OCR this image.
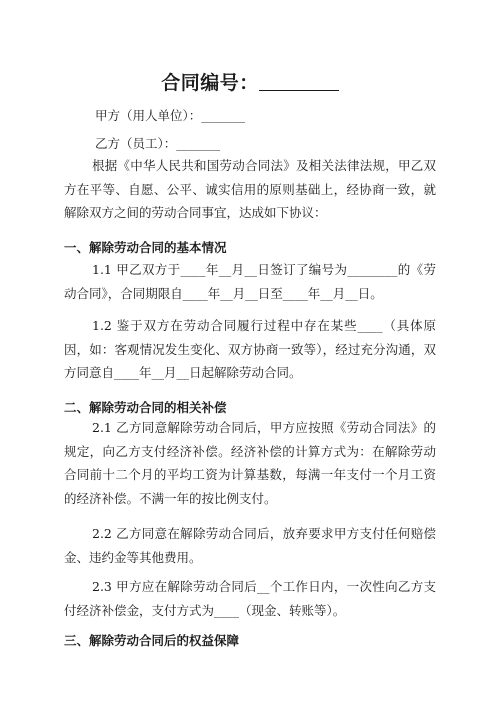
合同编号：
甲方（用人单位）：_______
乙方（员工）：_______
根据《中华人民共和国劳动合同法》及相关法律法规，甲乙双方在平等、自愿、公平、诚实信用的原则基础上，经协商一致，就解除双方之间的劳动合同事宜，达成如下协议：
一、解除劳动合同的基本情况
1.1 甲乙双方于____年__月__日签订了编号为________的《劳动合同》，合同期限自____年__月__日至____年__月__日。
1.2 鉴于双方在劳动合同履行过程中存在某些____（具体原因，如：客观情况发生变化、双方协商一致等），经过充分沟通，双方同意自____年__月__日起解除劳动合同。
二、解除劳动合同的相关补偿
2.1 乙方同意解除劳动合同后，甲方应按照《劳动合同法》的规定，向乙方支付经济补偿。经济补偿的计算方式为：在解除劳动合同前十二个月的平均工资为计算基数，每满一年支付一个月工资的经济补偿。不满一年的按比例支付。
2.2 乙方同意在解除劳动合同后，放弃要求甲方支付任何赔偿金、违约金等其他费用。
2.3 甲方应在解除劳动合同后__个工作日内，一次性向乙方支付经济补偿金，支付方式为____（现金、转账等）。
三、解除劳动合同后的权益保障
